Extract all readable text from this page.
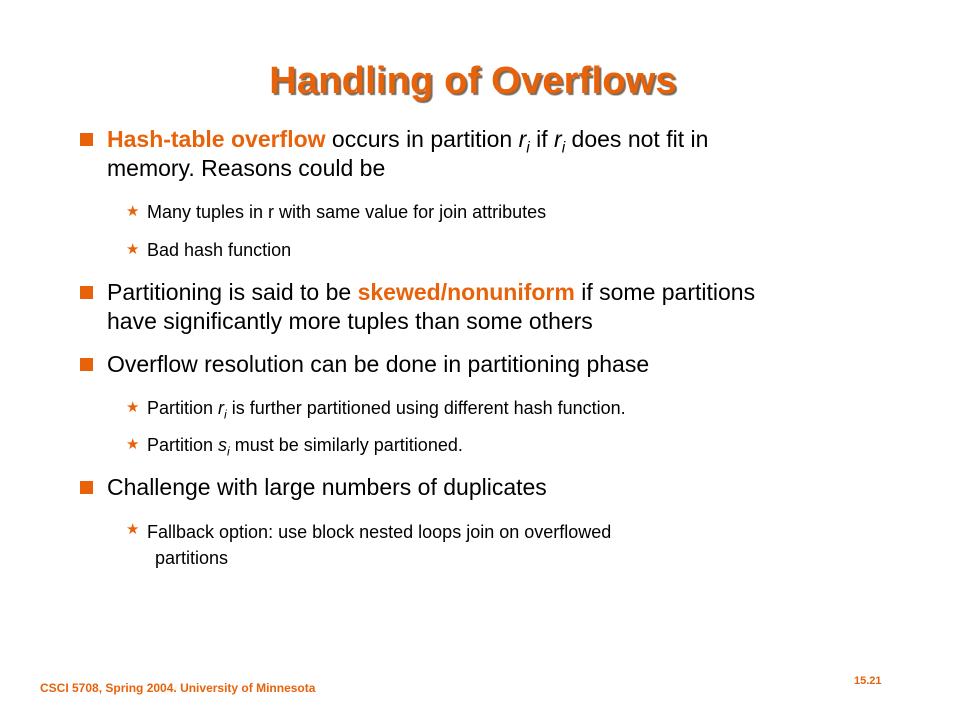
Handling of Overflows
Hash-table overflow occurs in partition $r_i$ if $r_i$ does not fit in
memory. Reasons could be
★ Many tuples in r with same value for join attributes
★ Bad hash function
Partitioning is said to be skewed/nonuniform if some partitions
have significantly more tuples than some others
Overflow resolution can be done in partitioning phase
★ Partition $r_i$ is further partitioned using different hash function.
★ Partition $s_i$ must be similarly partitioned.
Challenge with large numbers of duplicates
★ Fallback option: use block nested loops join on overflowed
partitions
CSCI 5708, Spring 2004. University of Minnesota	15.21
